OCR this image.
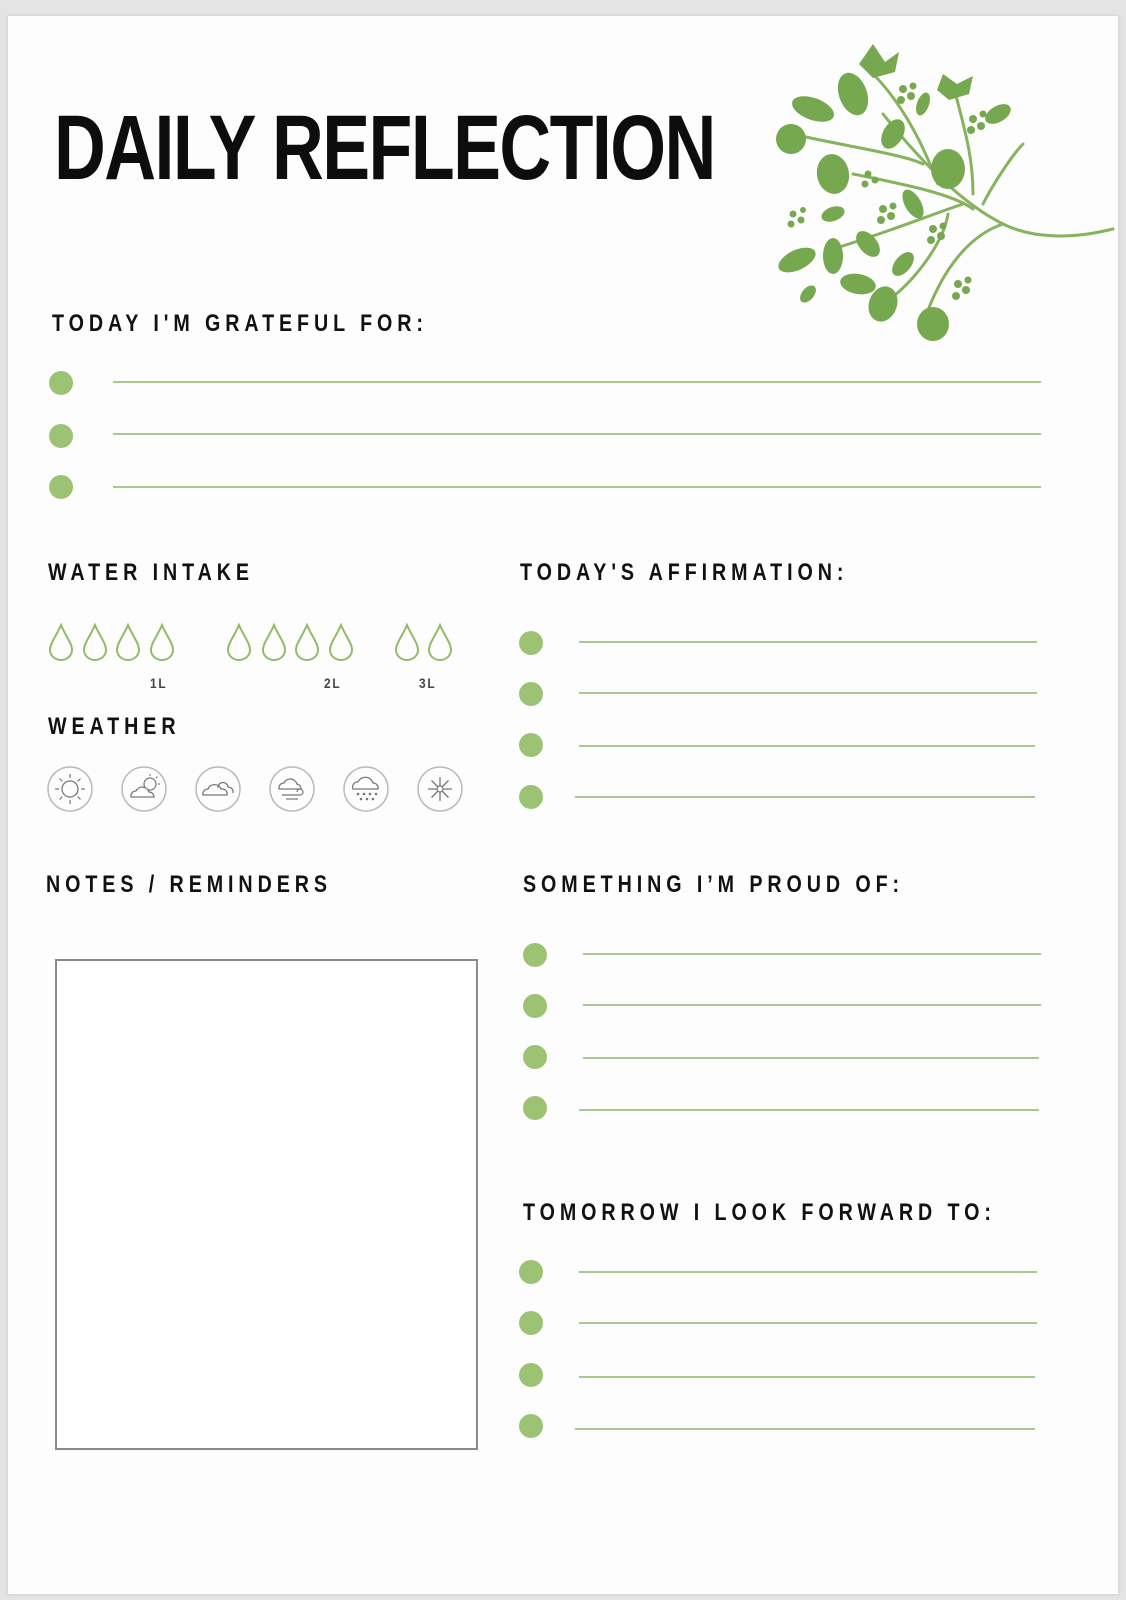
DAILY REFLECTION
TODAY I'M GRATEFUL FOR:
WATER INTAKE
1L	2L	3L
WEATHER
NOTES / REMINDERS
TODAY'S AFFIRMATION:
SOMETHING I’M PROUD OF:
TOMORROW I LOOK FORWARD TO:
